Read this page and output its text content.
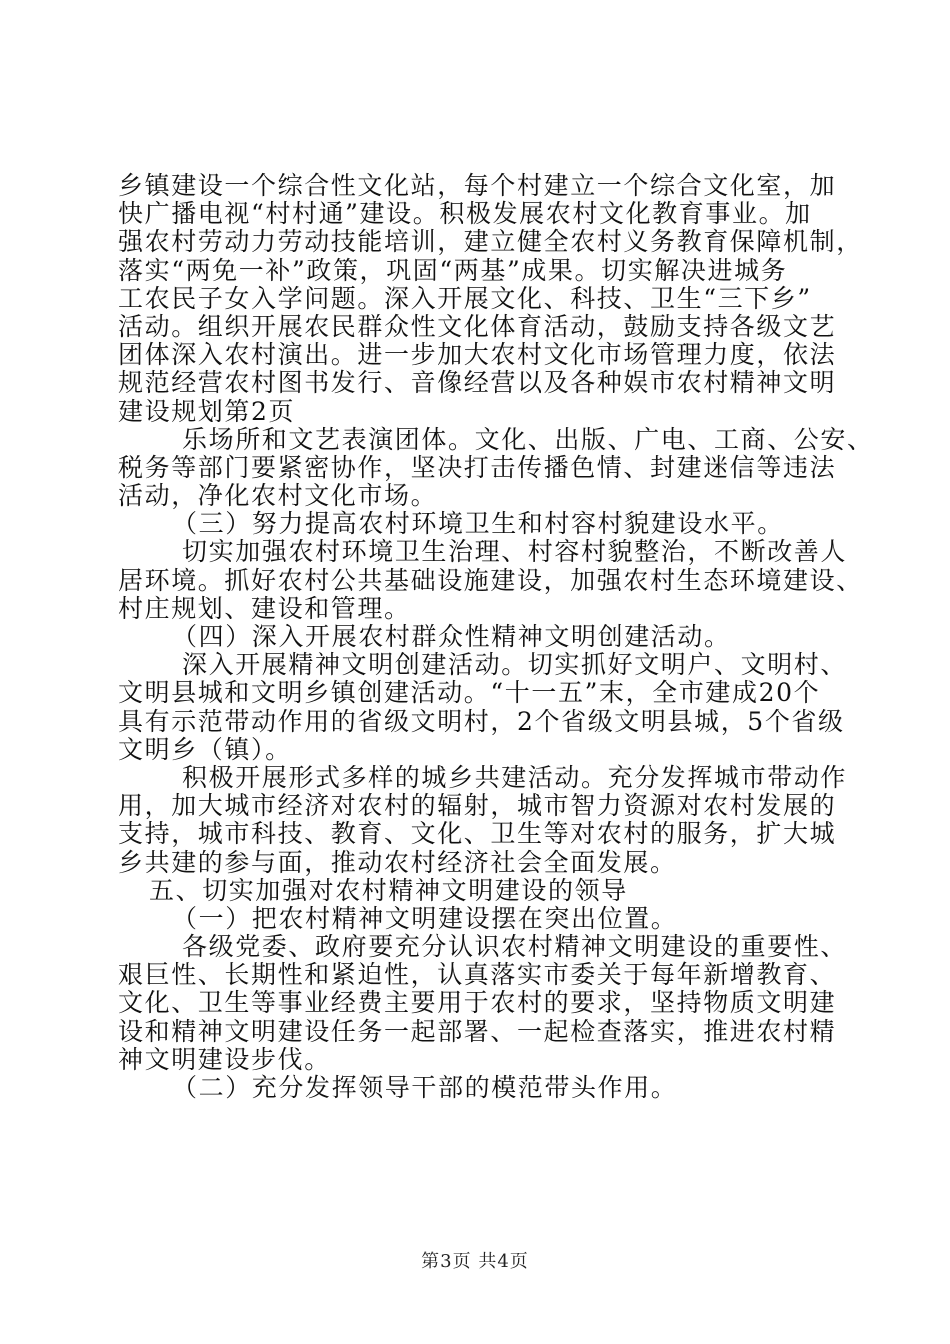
乡镇建设一个综合性文化站，每个村建立一个综合文化室，加
快广播电视“村村通”建设。积极发展农村文化教育事业。加
强农村劳动力劳动技能培训，建立健全农村义务教育保障机制，
落实“两免一补”政策，巩固“两基”成果。切实解决进城务
工农民子女入学问题。深入开展文化、科技、卫生“三下乡”
活动。组织开展农民群众性文化体育活动，鼓励支持各级文艺
团体深入农村演出。进一步加大农村文化市场管理力度，依法
规范经营农村图书发行、音像经营以及各种娱市农村精神文明
建设规划第2页
乐场所和文艺表演团体。文化、出版、广电、工商、公安、
税务等部门要紧密协作，坚决打击传播色情、封建迷信等违法
活动，净化农村文化市场。
（三）努力提高农村环境卫生和村容村貌建设水平。
切实加强农村环境卫生治理、村容村貌整治，不断改善人
居环境。抓好农村公共基础设施建设，加强农村生态环境建设、
村庄规划、建设和管理。
（四）深入开展农村群众性精神文明创建活动。
深入开展精神文明创建活动。切实抓好文明户、文明村、
文明县城和文明乡镇创建活动。“十一五”末，全市建成20个
具有示范带动作用的省级文明村，2个省级文明县城，5个省级
文明乡（镇）。
积极开展形式多样的城乡共建活动。充分发挥城市带动作
用，加大城市经济对农村的辐射，城市智力资源对农村发展的
支持，城市科技、教育、文化、卫生等对农村的服务，扩大城
乡共建的参与面，推动农村经济社会全面发展。
五、切实加强对农村精神文明建设的领导
（一）把农村精神文明建设摆在突出位置。
各级党委、政府要充分认识农村精神文明建设的重要性、
艰巨性、长期性和紧迫性，认真落实市委关于每年新增教育、
文化、卫生等事业经费主要用于农村的要求，坚持物质文明建
设和精神文明建设任务一起部署、一起检查落实，推进农村精
神文明建设步伐。
（二）充分发挥领导干部的模范带头作用。
第3页 共4页
